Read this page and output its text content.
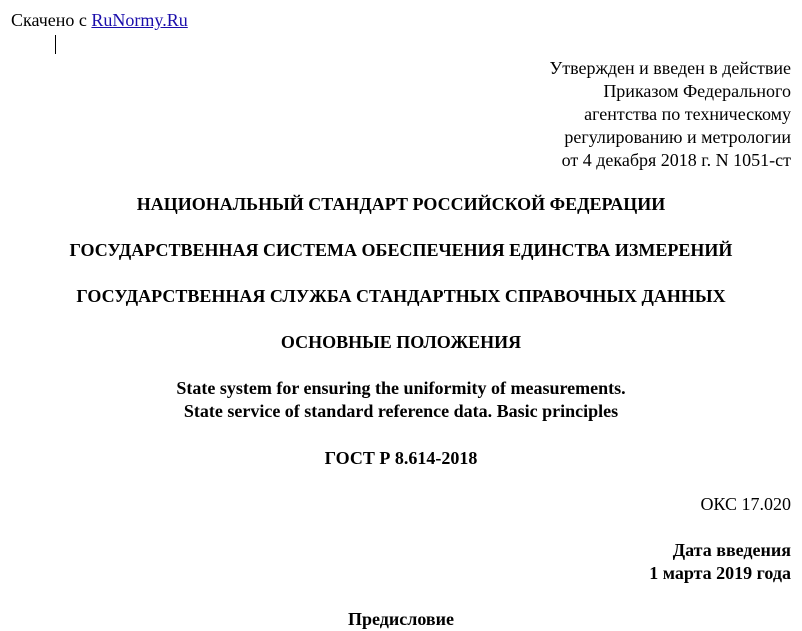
Скачено с RuNormy.Ru
Утвержден и введен в действие
Приказом Федерального
агентства по техническому
регулированию и метрологии
от 4 декабря 2018 г. N 1051-ст
НАЦИОНАЛЬНЫЙ СТАНДАРТ РОССИЙСКОЙ ФЕДЕРАЦИИ
ГОСУДАРСТВЕННАЯ СИСТЕМА ОБЕСПЕЧЕНИЯ ЕДИНСТВА ИЗМЕРЕНИЙ
ГОСУДАРСТВЕННАЯ СЛУЖБА СТАНДАРТНЫХ СПРАВОЧНЫХ ДАННЫХ
ОСНОВНЫЕ ПОЛОЖЕНИЯ
State system for ensuring the uniformity of measurements.
State service of standard reference data. Basic principles
ГОСТ Р 8.614-2018
ОКС 17.020
Дата введения
1 марта 2019 года
Предисловие
